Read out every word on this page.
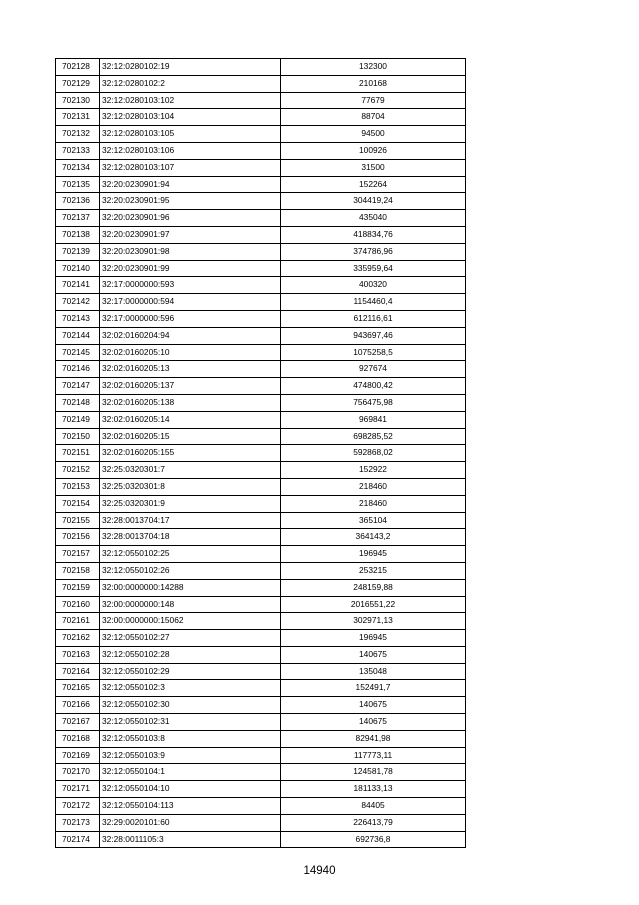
702128	32:12:0280102:19	132300
702129	32:12:0280102:2	210168
702130	32:12:0280103:102	77679
702131	32:12:0280103:104	88704
702132	32:12:0280103:105	94500
702133	32:12:0280103:106	100926
702134	32:12:0280103:107	31500
702135	32:20:0230901:94	152264
702136	32:20:0230901:95	304419,24
702137	32:20:0230901:96	435040
702138	32:20:0230901:97	418834,76
702139	32:20:0230901:98	374786,96
702140	32:20:0230901:99	335959,64
702141	32:17:0000000:593	400320
702142	32:17:0000000:594	1154460,4
702143	32:17:0000000:596	612116,61
702144	32:02:0160204:94	943697,46
702145	32:02:0160205:10	1075258,5
702146	32:02:0160205:13	927674
702147	32:02:0160205:137	474800,42
702148	32:02:0160205:138	756475,98
702149	32:02:0160205:14	969841
702150	32:02:0160205:15	698285,52
702151	32:02:0160205:155	592868,02
702152	32:25:0320301:7	152922
702153	32:25:0320301:8	218460
702154	32:25:0320301:9	218460
702155	32:28:0013704:17	365104
702156	32:28:0013704:18	364143,2
702157	32:12:0550102:25	196945
702158	32:12:0550102:26	253215
702159	32:00:0000000:14288	248159,88
702160	32:00:0000000:148	2016551,22
702161	32:00:0000000:15062	302971,13
702162	32:12:0550102:27	196945
702163	32:12:0550102:28	140675
702164	32:12:0550102:29	135048
702165	32:12:0550102:3	152491,7
702166	32:12:0550102:30	140675
702167	32:12:0550102:31	140675
702168	32:12:0550103:8	82941,98
702169	32:12:0550103:9	117773,11
702170	32:12:0550104:1	124581,78
702171	32:12:0550104:10	181133,13
702172	32:12:0550104:113	84405
702173	32:29:0020101:60	226413,79
702174	32:28:0011105:3	692736,8
14940
